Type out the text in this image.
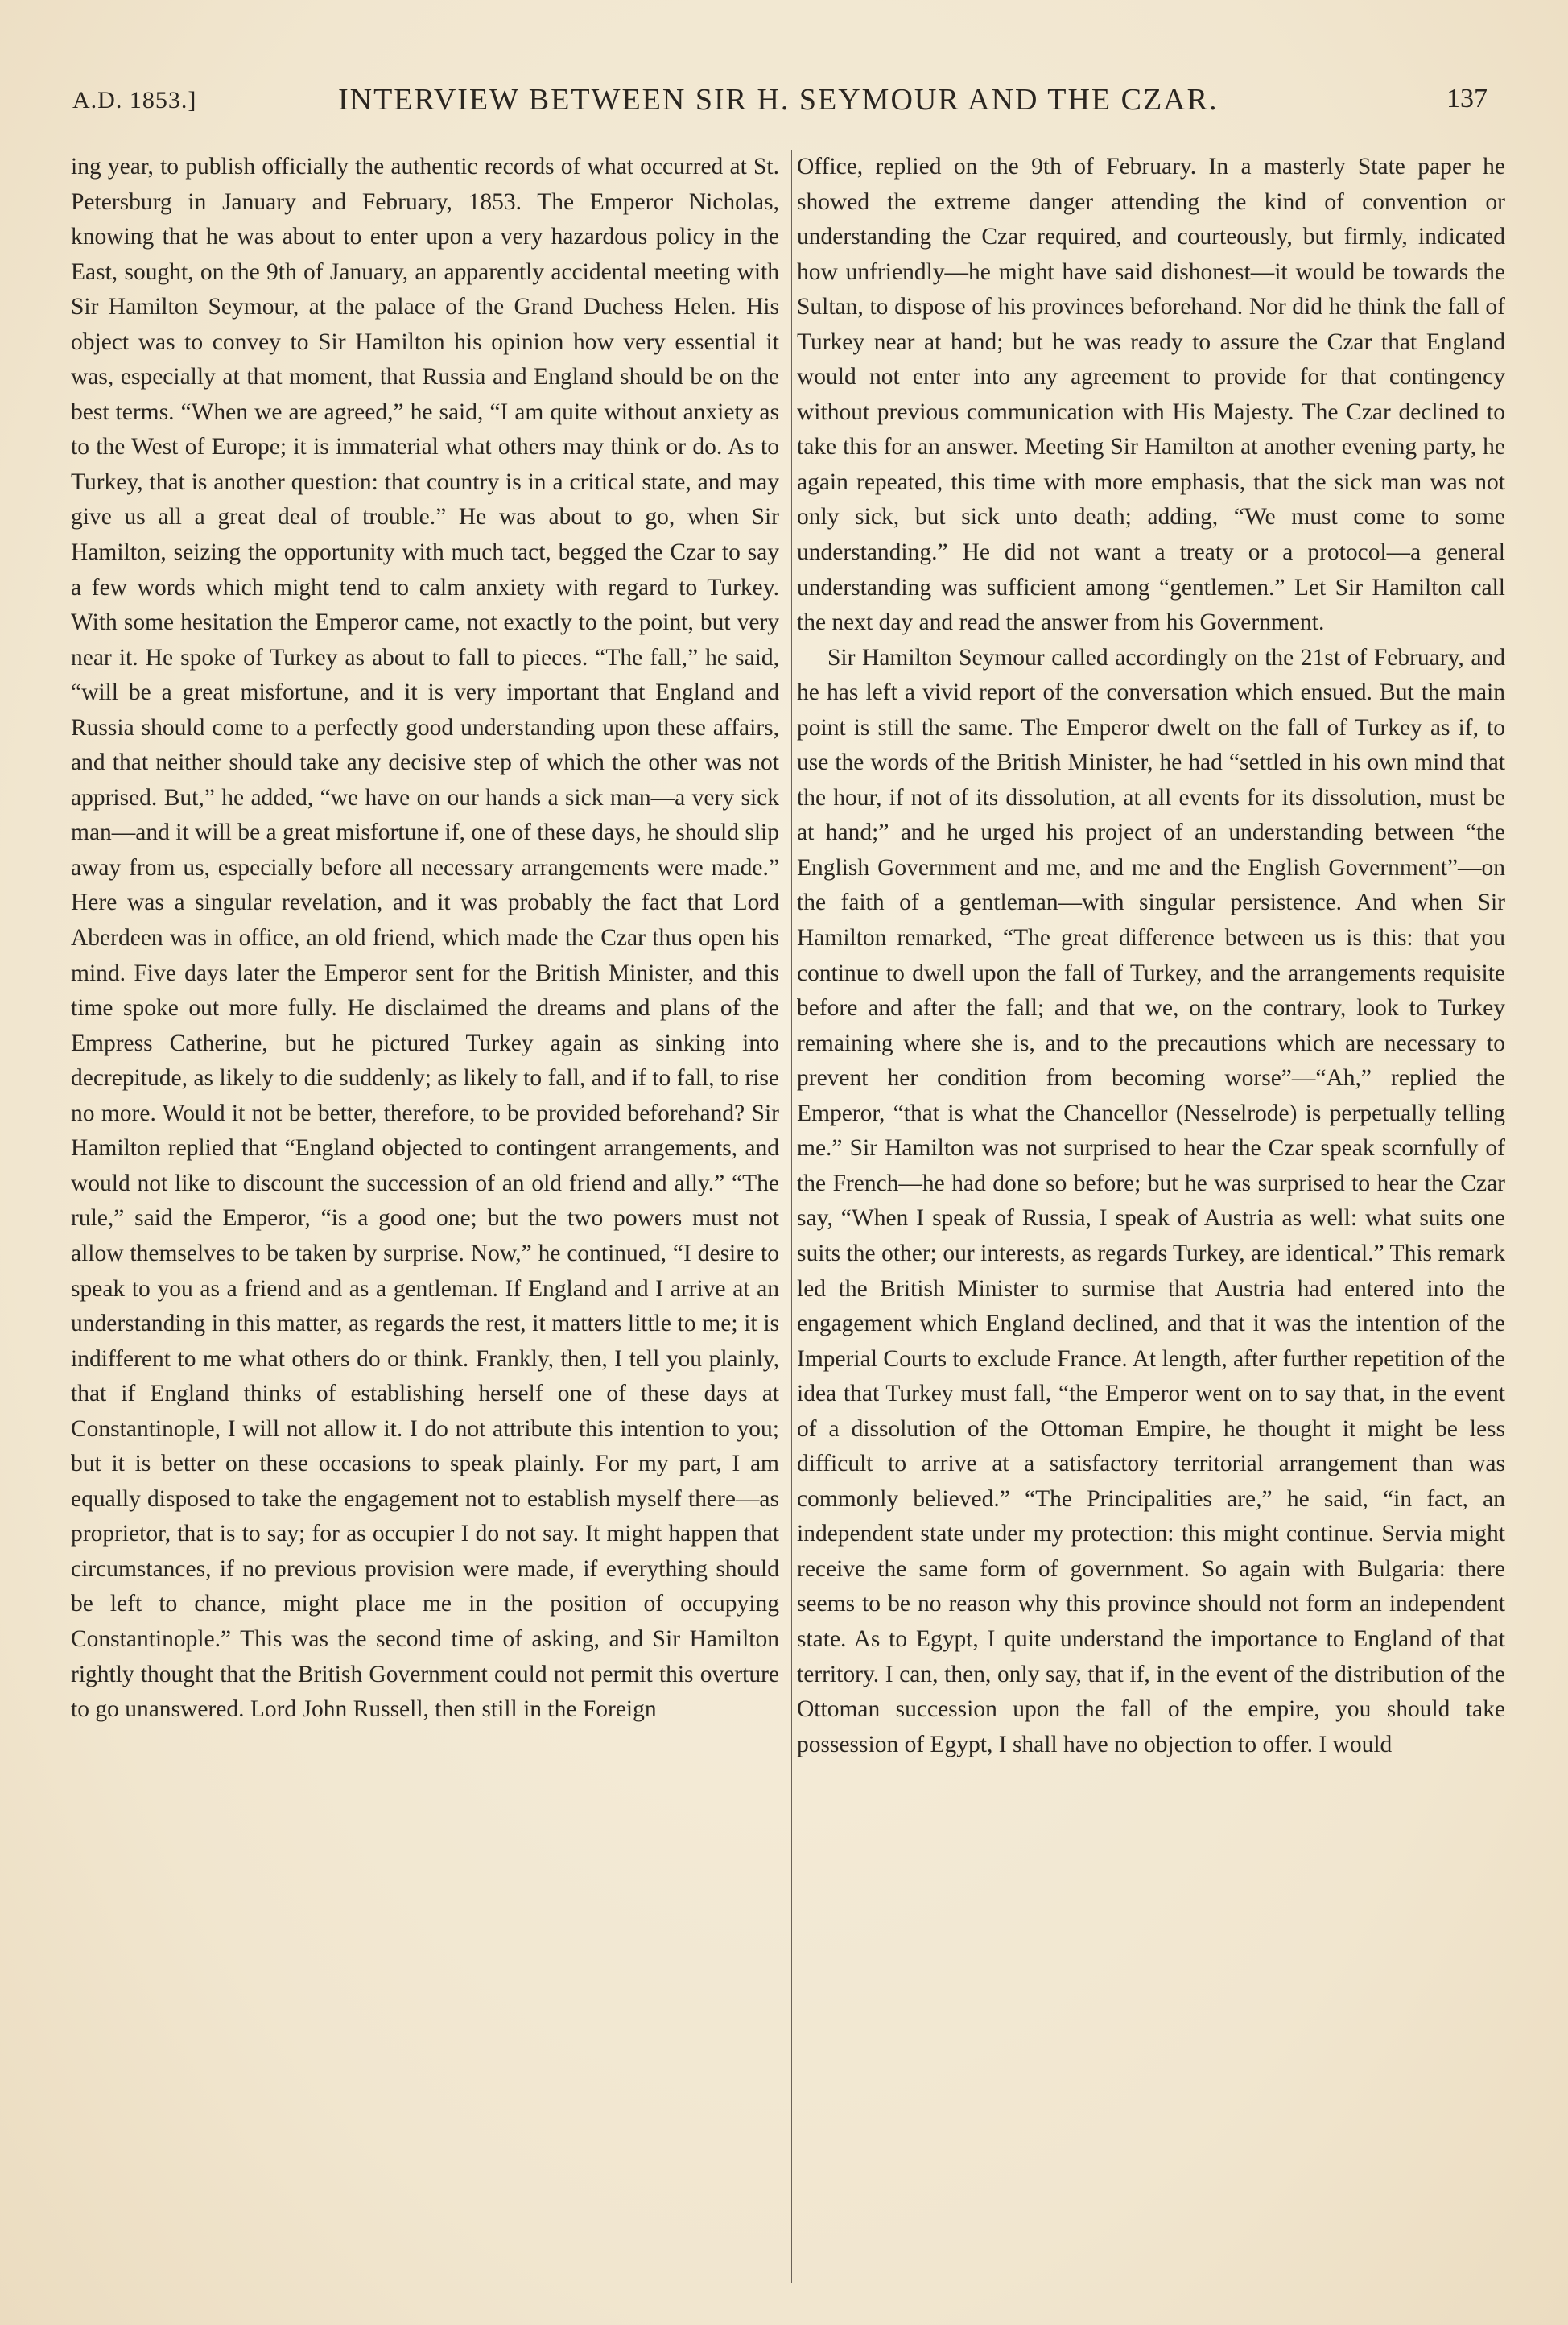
A.D. 1853.]	INTERVIEW BETWEEN SIR H. SEYMOUR AND THE CZAR.	137

ing year, to publish officially the authentic records of what occurred at St. Petersburg in January and February, 1853. The Emperor Nicholas, knowing that he was about to enter upon a very hazardous policy in the East, sought, on the 9th of January, an apparently accidental meeting with Sir Hamilton Seymour, at the palace of the Grand Duchess Helen. His object was to convey to Sir Hamilton his opinion how very essential it was, especially at that moment, that Russia and England should be on the best terms. “When we are agreed,” he said, “I am quite without anxiety as to the West of Europe; it is immaterial what others may think or do. As to Turkey, that is another question: that country is in a critical state, and may give us all a great deal of trouble.” He was about to go, when Sir Hamilton, seizing the opportunity with much tact, begged the Czar to say a few words which might tend to calm anxiety with regard to Turkey. With some hesitation the Emperor came, not exactly to the point, but very near it. He spoke of Turkey as about to fall to pieces. “The fall,” he said, “will be a great misfortune, and it is very important that England and Russia should come to a perfectly good understanding upon these affairs, and that neither should take any decisive step of which the other was not apprised. But,” he added, “we have on our hands a sick man—a very sick man—and it will be a great misfortune if, one of these days, he should slip away from us, especially before all necessary arrangements were made.” Here was a singular revelation, and it was probably the fact that Lord Aberdeen was in office, an old friend, which made the Czar thus open his mind. Five days later the Emperor sent for the British Minister, and this time spoke out more fully. He disclaimed the dreams and plans of the Empress Catherine, but he pictured Turkey again as sinking into decrepitude, as likely to die suddenly; as likely to fall, and if to fall, to rise no more. Would it not be better, therefore, to be provided beforehand? Sir Hamilton replied that “England objected to contingent arrangements, and would not like to discount the succession of an old friend and ally.” “The rule,” said the Emperor, “is a good one; but the two powers must not allow themselves to be taken by surprise. Now,” he continued, “I desire to speak to you as a friend and as a gentleman. If England and I arrive at an understanding in this matter, as regards the rest, it matters little to me; it is indifferent to me what others do or think. Frankly, then, I tell you plainly, that if England thinks of establishing herself one of these days at Constantinople, I will not allow it. I do not attribute this intention to you; but it is better on these occasions to speak plainly. For my part, I am equally disposed to take the engagement not to establish myself there—as proprietor, that is to say; for as occupier I do not say. It might happen that circumstances, if no previous provision were made, if everything should be left to chance, might place me in the position of occupying Constantinople.” This was the second time of asking, and Sir Hamilton rightly thought that the British Government could not permit this overture to go unanswered. Lord John Russell, then still in the Foreign

Office, replied on the 9th of February. In a masterly State paper he showed the extreme danger attending the kind of convention or understanding the Czar required, and courteously, but firmly, indicated how unfriendly—he might have said dishonest—it would be towards the Sultan, to dispose of his provinces beforehand. Nor did he think the fall of Turkey near at hand; but he was ready to assure the Czar that England would not enter into any agreement to provide for that contingency without previous communication with His Majesty. The Czar declined to take this for an answer. Meeting Sir Hamilton at another evening party, he again repeated, this time with more emphasis, that the sick man was not only sick, but sick unto death; adding, “We must come to some understanding.” He did not want a treaty or a protocol—a general understanding was sufficient among “gentlemen.” Let Sir Hamilton call the next day and read the answer from his Government.

Sir Hamilton Seymour called accordingly on the 21st of February, and he has left a vivid report of the conversation which ensued. But the main point is still the same. The Emperor dwelt on the fall of Turkey as if, to use the words of the British Minister, he had “settled in his own mind that the hour, if not of its dissolution, at all events for its dissolution, must be at hand;” and he urged his project of an understanding between “the English Government and me, and me and the English Government”—on the faith of a gentleman—with singular persistence. And when Sir Hamilton remarked, “The great difference between us is this: that you continue to dwell upon the fall of Turkey, and the arrangements requisite before and after the fall; and that we, on the contrary, look to Turkey remaining where she is, and to the precautions which are necessary to prevent her condition from becoming worse”—“Ah,” replied the Emperor, “that is what the Chancellor (Nesselrode) is perpetually telling me.” Sir Hamilton was not surprised to hear the Czar speak scornfully of the French—he had done so before; but he was surprised to hear the Czar say, “When I speak of Russia, I speak of Austria as well: what suits one suits the other; our interests, as regards Turkey, are identical.” This remark led the British Minister to surmise that Austria had entered into the engagement which England declined, and that it was the intention of the Imperial Courts to exclude France. At length, after further repetition of the idea that Turkey must fall, “the Emperor went on to say that, in the event of a dissolution of the Ottoman Empire, he thought it might be less difficult to arrive at a satisfactory territorial arrangement than was commonly believed.” “The Principalities are,” he said, “in fact, an independent state under my protection: this might continue. Servia might receive the same form of government. So again with Bulgaria: there seems to be no reason why this province should not form an independent state. As to Egypt, I quite understand the importance to England of that territory. I can, then, only say, that if, in the event of the distribution of the Ottoman succession upon the fall of the empire, you should take possession of Egypt, I shall have no objection to offer. I would
